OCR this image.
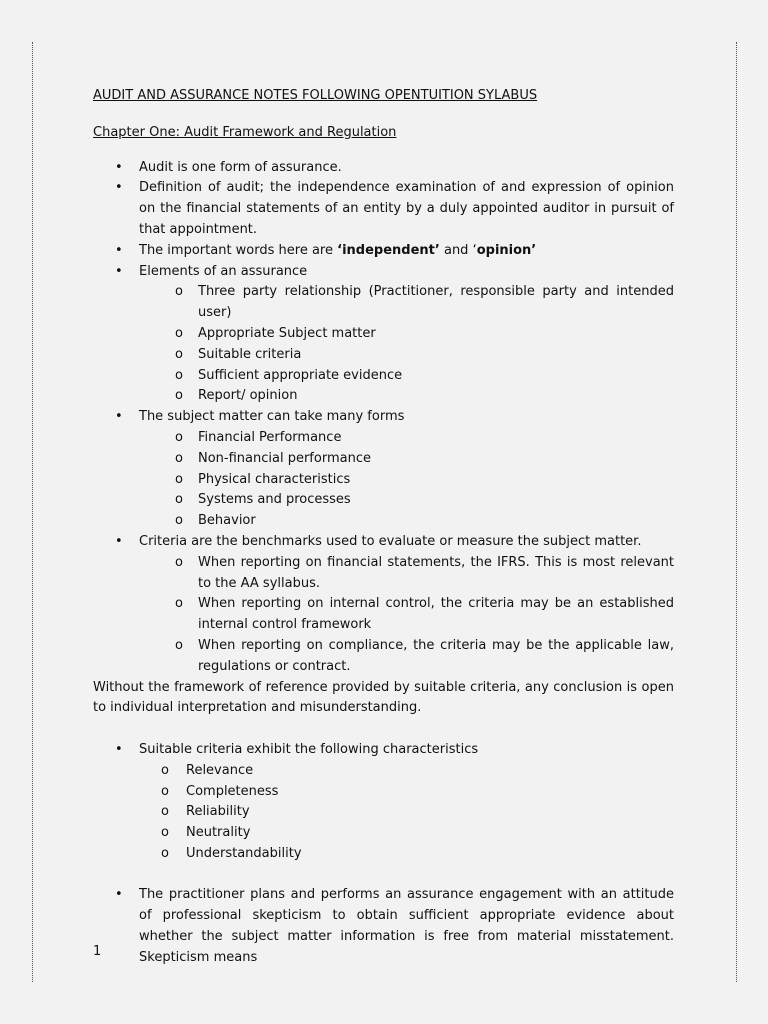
AUDIT AND ASSURANCE NOTES FOLLOWING OPENTUITION SYLABUS

Chapter One: Audit Framework and Regulation

• Audit is one form of assurance.
• Definition of audit; the independence examination of and expression of opinion on the financial statements of an entity by a duly appointed auditor in pursuit of that appointment.
• The important words here are ‘independent’ and ‘opinion’
• Elements of an assurance
o Three party relationship (Practitioner, responsible party and intended user)
o Appropriate Subject matter
o Suitable criteria
o Sufficient appropriate evidence
o Report/ opinion
• The subject matter can take many forms
o Financial Performance
o Non-financial performance
o Physical characteristics
o Systems and processes
o Behavior
• Criteria are the benchmarks used to evaluate or measure the subject matter.
o When reporting on financial statements, the IFRS. This is most relevant to the AA syllabus.
o When reporting on internal control, the criteria may be an established internal control framework
o When reporting on compliance, the criteria may be the applicable law, regulations or contract.

Without the framework of reference provided by suitable criteria, any conclusion is open to individual interpretation and misunderstanding.

• Suitable criteria exhibit the following characteristics
o Relevance
o Completeness
o Reliability
o Neutrality
o Understandability
• The practitioner plans and performs an assurance engagement with an attitude of professional skepticism to obtain sufficient appropriate evidence about whether the subject matter information is free from material misstatement. Skepticism means
1
